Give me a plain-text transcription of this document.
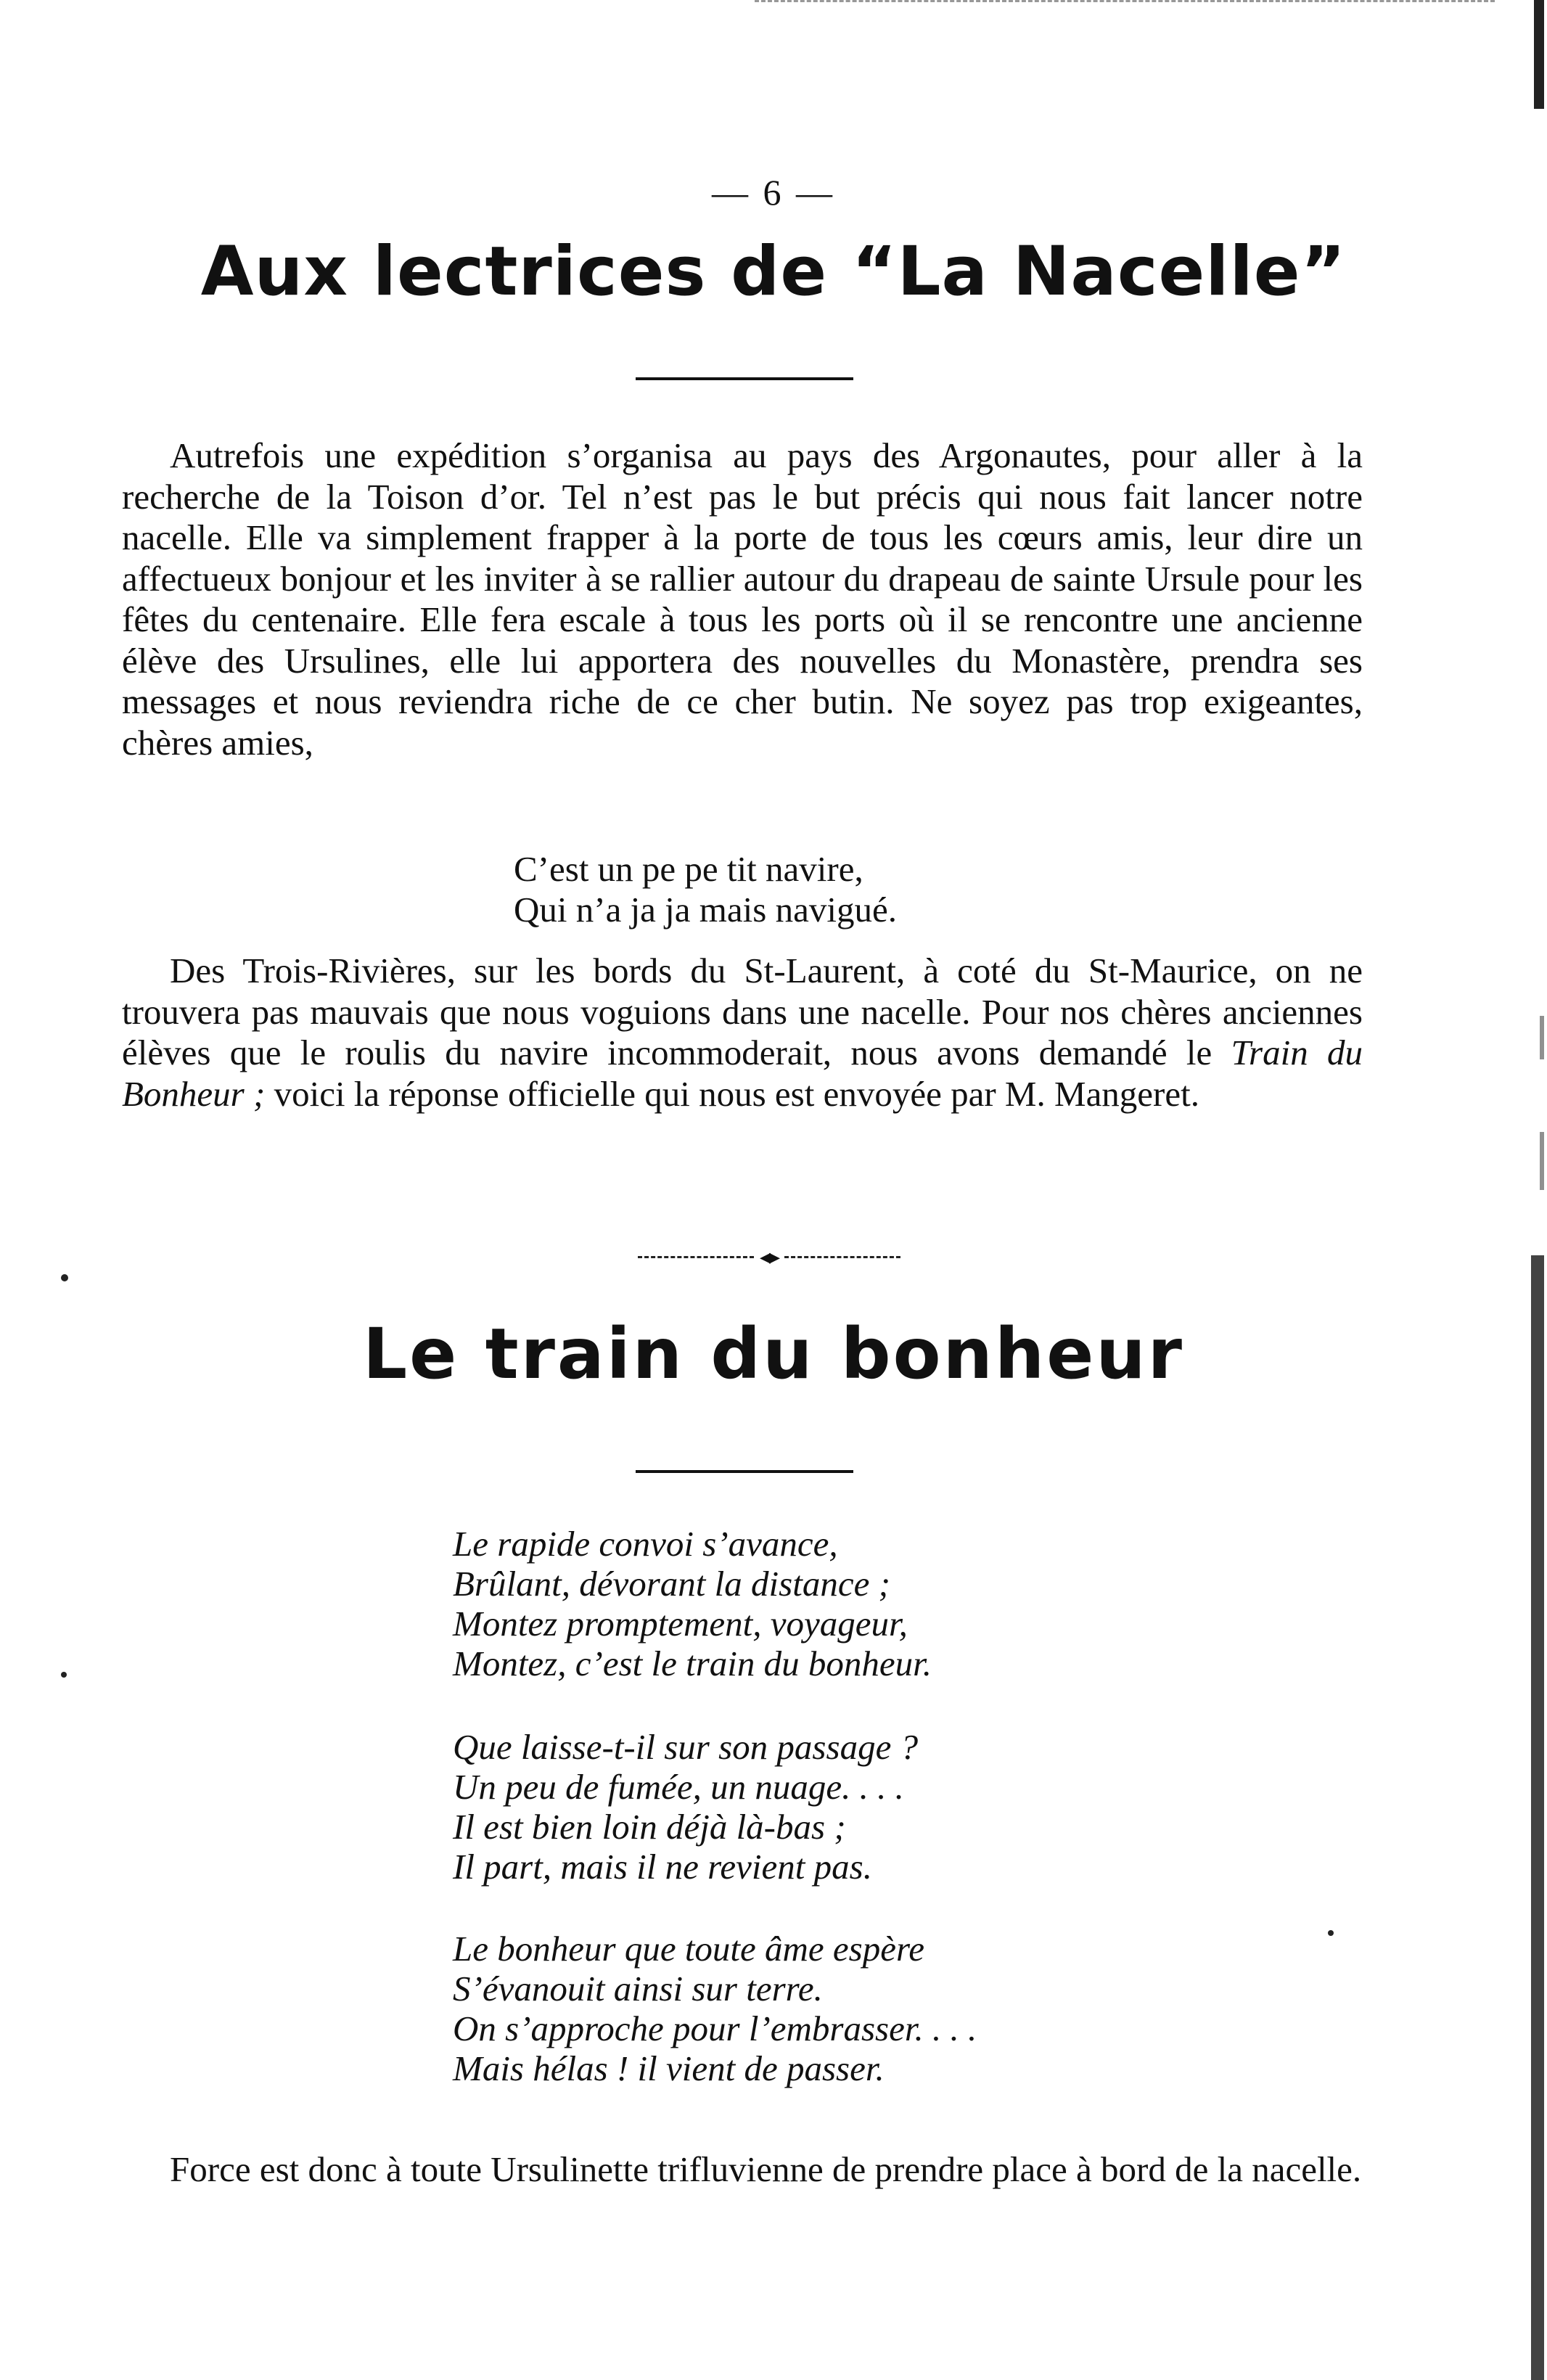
— 6 —
Aux lectrices de “La Nacelle”

Autrefois une expédition s’organisa au pays des Argonautes, pour aller à la recherche de la Toison d’or. Tel n’est pas le but précis qui nous fait lancer notre nacelle. Elle va simplement frapper à la porte de tous les cœurs amis, leur dire un affectueux bonjour et les inviter à se rallier autour du drapeau de sainte Ursule pour les fêtes du centenaire. Elle fera escale à tous les ports où il se rencontre une ancienne élève des Ursulines, elle lui apportera des nouvelles du Monastère, prendra ses messages et nous reviendra riche de ce cher butin. Ne soyez pas trop exigeantes, chères amies,

C’est un pe pe tit navire,
Qui n’a ja ja mais navigué.

Des Trois-Rivières, sur les bords du St-Laurent, à coté du St-Maurice, on ne trouvera pas mauvais que nous voguions dans une nacelle. Pour nos chères anciennes élèves que le roulis du navire incommoderait, nous avons demandé le Train du Bonheur ; voici la réponse officielle qui nous est envoyée par M. Mangeret.

◂▸
Le train du bonheur
Le rapide convoi s’avance,
Brûlant, dévorant la distance ;
Montez promptement, voyageur,
Montez, c’est le train du bonheur.
Que laisse-t-il sur son passage ?
Un peu de fumée, un nuage. . . .
Il est bien loin déjà là-bas ;
Il part, mais il ne revient pas.
Le bonheur que toute âme espère
S’évanouit ainsi sur terre.
On s’approche pour l’embrasser. . . .
Mais hélas ! il vient de passer.

Force est donc à toute Ursulinette trifluvienne de prendre place à bord de la nacelle.
